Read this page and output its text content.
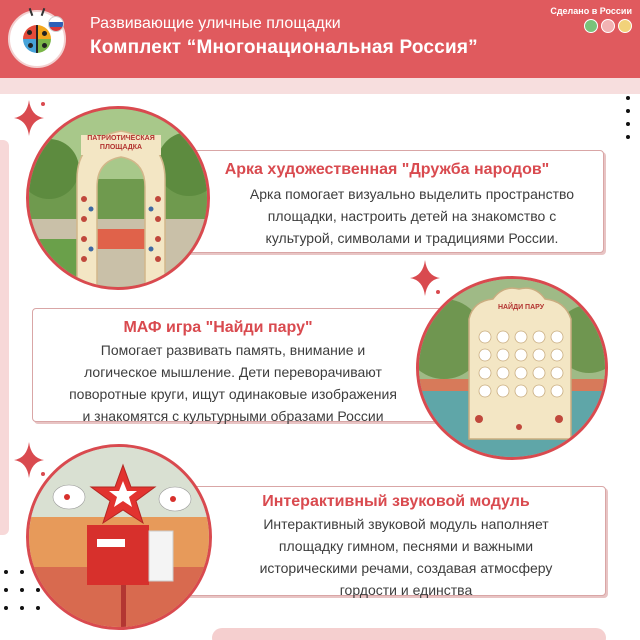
Развивающие уличные площадки
Комплект “Многонациональная Россия”
Сделано в России
Арка художественная "Дружба народов"
Арка помогает визуально выделить пространство
площадки, настроить детей на знакомство с
культурой, символами и традициями России.
ПАТРИОТИЧЕСКАЯ
ПЛОЩАДКА
МАФ игра "Найди пару"
Помогает развивать память, внимание и
логическое мышление. Дети переворачивают
поворотные круги, ищут одинаковые изображения
и знакомятся с культурными образами России
НАЙДИ ПАРУ
Интерактивный звуковой модуль
Интерактивный звуковой модуль наполняет
площадку гимном, песнями и важными
историческими речами, создавая атмосферу
гордости и единства
